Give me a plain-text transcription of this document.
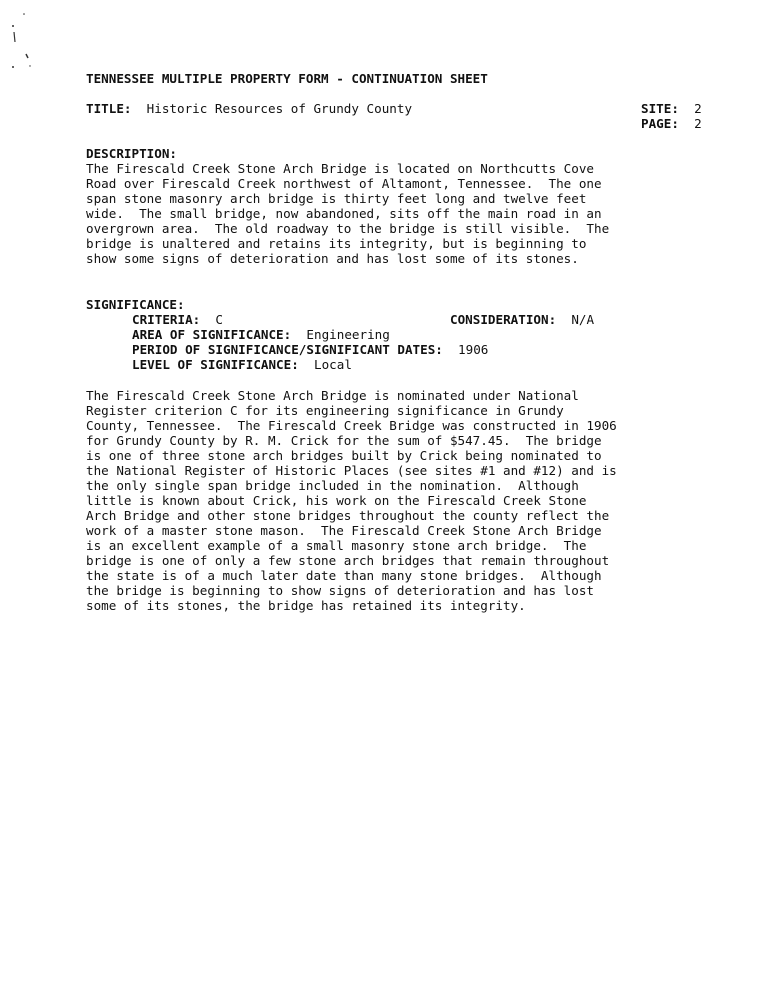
TENNESSEE MULTIPLE PROPERTY FORM - CONTINUATION SHEET
TITLE: Historic Resources of Grundy County	SITE: 2
PAGE: 2
DESCRIPTION:
The Firescald Creek Stone Arch Bridge is located on Northcutts Cove
Road over Firescald Creek northwest of Altamont, Tennessee.  The one
span stone masonry arch bridge is thirty feet long and twelve feet
wide.  The small bridge, now abandoned, sits off the main road in an
overgrown area.  The old roadway to the bridge is still visible.  The
bridge is unaltered and retains its integrity, but is beginning to
show some signs of deterioration and has lost some of its stones.
SIGNIFICANCE:
CRITERIA: C	CONSIDERATION: N/A
AREA OF SIGNIFICANCE: Engineering
PERIOD OF SIGNIFICANCE/SIGNIFICANT DATES: 1906
LEVEL OF SIGNIFICANCE: Local
The Firescald Creek Stone Arch Bridge is nominated under National
Register criterion C for its engineering significance in Grundy
County, Tennessee.  The Firescald Creek Bridge was constructed in 1906
for Grundy County by R. M. Crick for the sum of $547.45.  The bridge
is one of three stone arch bridges built by Crick being nominated to
the National Register of Historic Places (see sites #1 and #12) and is
the only single span bridge included in the nomination.  Although
little is known about Crick, his work on the Firescald Creek Stone
Arch Bridge and other stone bridges throughout the county reflect the
work of a master stone mason.  The Firescald Creek Stone Arch Bridge
is an excellent example of a small masonry stone arch bridge.  The
bridge is one of only a few stone arch bridges that remain throughout
the state is of a much later date than many stone bridges.  Although
the bridge is beginning to show signs of deterioration and has lost
some of its stones, the bridge has retained its integrity.
